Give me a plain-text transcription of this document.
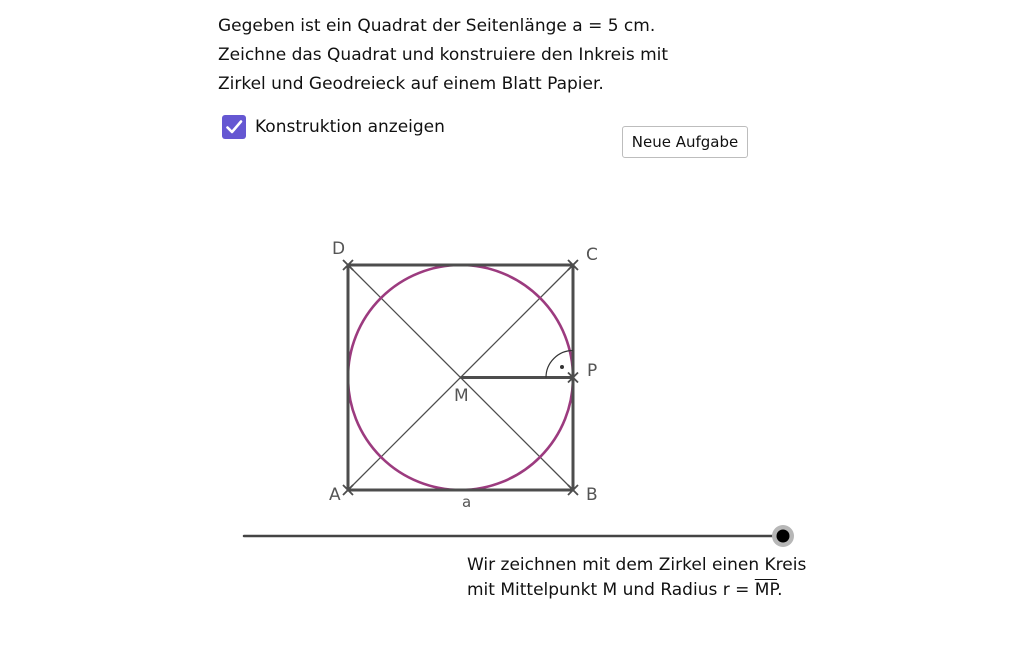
Gegeben ist ein Quadrat der Seitenlänge a = 5 cm.
Zeichne das Quadrat und konstruiere den Inkreis mit
Zirkel und Geodreieck auf einem Blatt Papier.
Konstruktion anzeigen
Neue Aufgabe
A	B
C
D
M
P
a
Wir zeichnen mit dem Zirkel einen Kreis
mit Mittelpunkt M und Radius $r = \overline{MP}$.
